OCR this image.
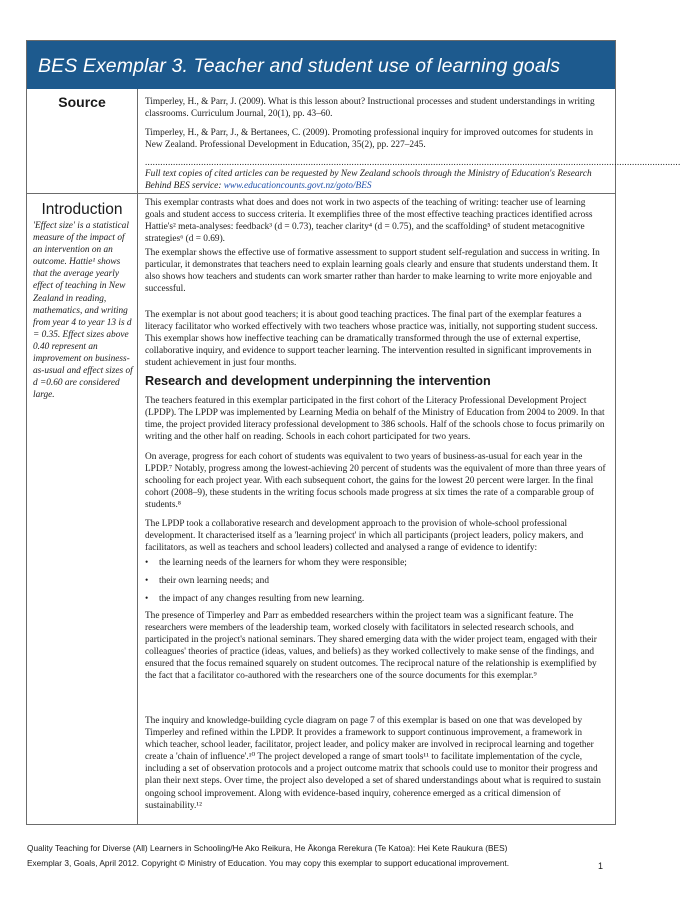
BES Exemplar 3. Teacher and student use of learning goals
Source	Timperley, H., & Parr, J. (2009). What is this lesson about? Instructional processes and student understandings in writing classrooms. Curriculum Journal, 20(1), pp. 43–60.

Timperley, H., & Parr, J., & Bertanees, C. (2009). Promoting professional inquiry for improved outcomes for students in New Zealand. Professional Development in Education, 35(2), pp. 227–245.

..................................................................................................................................................................................................................
Full text copies of cited articles can be requested by New Zealand schools through the Ministry of Education's Research Behind BES service: www.educationcounts.govt.nz/goto/BES
Introduction
'Effect size' is a statistical measure of the impact of an intervention on an outcome. Hattie¹ shows that the average yearly effect of teaching in New Zealand in reading, mathematics, and writing from year 4 to year 13 is d = 0.35. Effect sizes above 0.40 represent an improvement on business-as-usual and effect sizes of d =0.60 are considered large.

This exemplar contrasts what does and does not work in two aspects of the teaching of writing: teacher use of learning goals and student access to success criteria. It exemplifies three of the most effective teaching practices identified across Hattie's² meta-analyses: feedback³ (d = 0.73), teacher clarity⁴ (d = 0.75), and the scaffolding⁵ of student metacognitive strategies⁶ (d = 0.69).

The exemplar shows the effective use of formative assessment to support student self-regulation and success in writing. In particular, it demonstrates that teachers need to explain learning goals clearly and ensure that students understand them. It also shows how teachers and students can work smarter rather than harder to make learning to write more enjoyable and successful.

The exemplar is not about good teachers; it is about good teaching practices. The final part of the exemplar features a literacy facilitator who worked effectively with two teachers whose practice was, initially, not supporting student success. This exemplar shows how ineffective teaching can be dramatically transformed through the use of external expertise, collaborative inquiry, and evidence to support teacher learning. The intervention resulted in significant improvements in student achievement in just four months.

Research and development underpinning the intervention

The teachers featured in this exemplar participated in the first cohort of the Literacy Professional Development Project (LPDP). The LPDP was implemented by Learning Media on behalf of the Ministry of Education from 2004 to 2009. In that time, the project provided literacy professional development to 386 schools. Half of the schools chose to focus primarily on writing and the other half on reading. Schools in each cohort participated for two years.

On average, progress for each cohort of students was equivalent to two years of business-as-usual for each year in the LPDP.⁷ Notably, progress among the lowest-achieving 20 percent of students was the equivalent of more than three years of schooling for each project year. With each subsequent cohort, the gains for the lowest 20 percent were larger. In the final cohort (2008–9), these students in the writing focus schools made progress at six times the rate of a comparable group of students.⁸

The LPDP took a collaborative research and development approach to the provision of whole-school professional development. It characterised itself as a 'learning project' in which all participants (project leaders, policy makers, and facilitators, as well as teachers and school leaders) collected and analysed a range of evidence to identify:

• the learning needs of the learners for whom they were responsible;
• their own learning needs; and
• the impact of any changes resulting from new learning.

The presence of Timperley and Parr as embedded researchers within the project team was a significant feature. The researchers were members of the leadership team, worked closely with facilitators in selected research schools, and participated in the project's national seminars. They shared emerging data with the wider project team, engaged with their colleagues' theories of practice (ideas, values, and beliefs) as they worked collectively to make sense of the findings, and ensured that the focus remained squarely on student outcomes. The reciprocal nature of the relationship is exemplified by the fact that a facilitator co-authored with the researchers one of the source documents for this exemplar.⁹

The inquiry and knowledge-building cycle diagram on page 7 of this exemplar is based on one that was developed by Timperley and refined within the LPDP. It provides a framework to support continuous improvement, a framework in which teacher, school leader, facilitator, project leader, and policy maker are involved in reciprocal learning and together create a 'chain of influence'.¹⁰ The project developed a range of smart tools¹¹ to facilitate implementation of the cycle, including a set of observation protocols and a project outcome matrix that schools could use to monitor their progress and plan their next steps. Over time, the project also developed a set of shared understandings about what is required to sustain ongoing school improvement. Along with evidence-based inquiry, coherence emerged as a critical dimension of sustainability.¹²

Quality Teaching for Diverse (All) Learners in Schooling/He Ako Reikura, He Ākonga Rerekura (Te Katoa): Hei Kete Raukura (BES)
Exemplar 3, Goals, April 2012. Copyright © Ministry of Education. You may copy this exemplar to support educational improvement.	1
